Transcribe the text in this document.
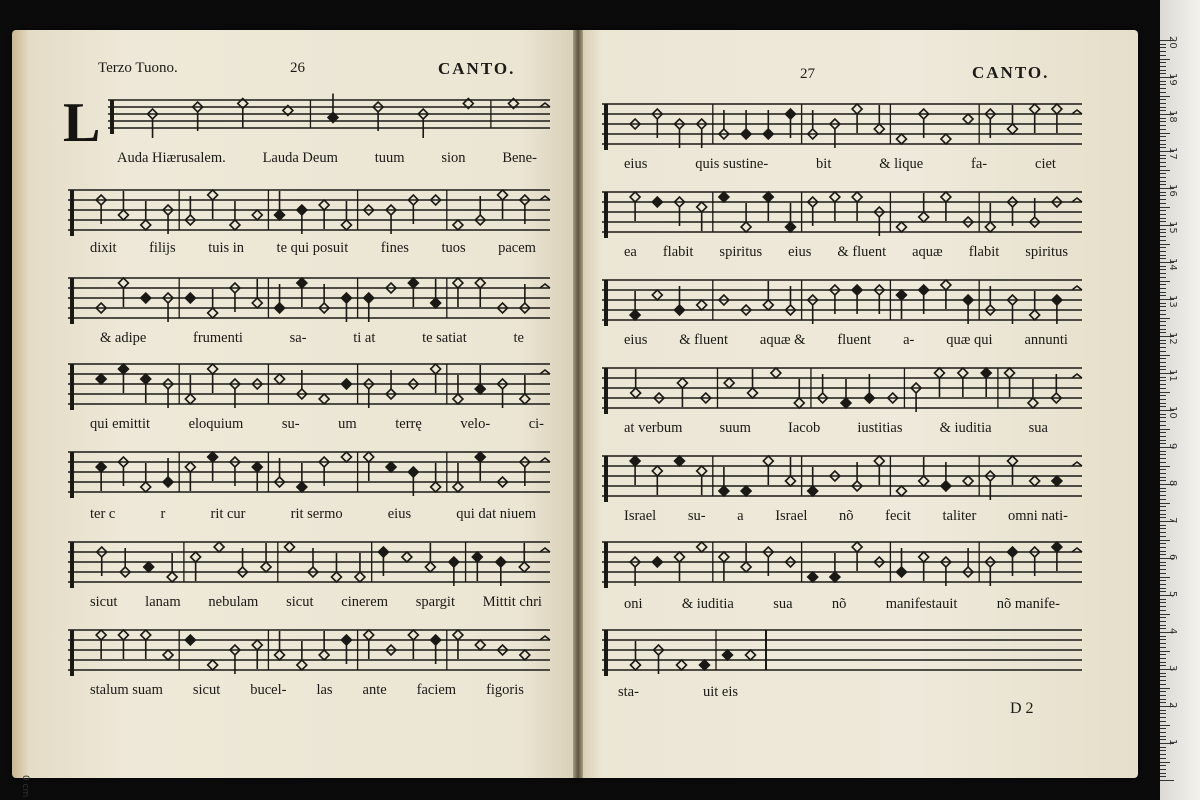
Terzo Tuono.	26	CANTO.	27	CANTO.
L
Auda Hiærusalem.	Lauda Deum	tuum	sion	Bene-
dixit filijs tuis in te qui posuit fines tuos pacem
& adipe	frumenti	sa-	ti at	te satiat	te
qui emittit	eloquium	su-	um	terrę	velo-	ci-
ter c	r	rit cur	rit sermo	eius	qui dat niuem
sicut lanam nebulam sicut cinerem spargit Mittit chri
stalum suam sicut bucel- las ante faciem figoris
eius	quis sustine-	bit	& lique	fa-	ciet
ea flabit spiritus eius & fluent aquæ flabit spiritus
eius & fluent aquæ & fluent a- quæ qui annunti
at verbum	suum	Iacob	iustitias	& iuditia	sua
Israel su- a Israel nõ fecit taliter omni nati-
oni	& iuditia	sua	nõ	manifestauit	nõ manife-
sta-	uit eis
D 2
20
19
18
17
16
15
14
13
12
11
10
9
8
7
6
5
4
3
2
1
0 cm
